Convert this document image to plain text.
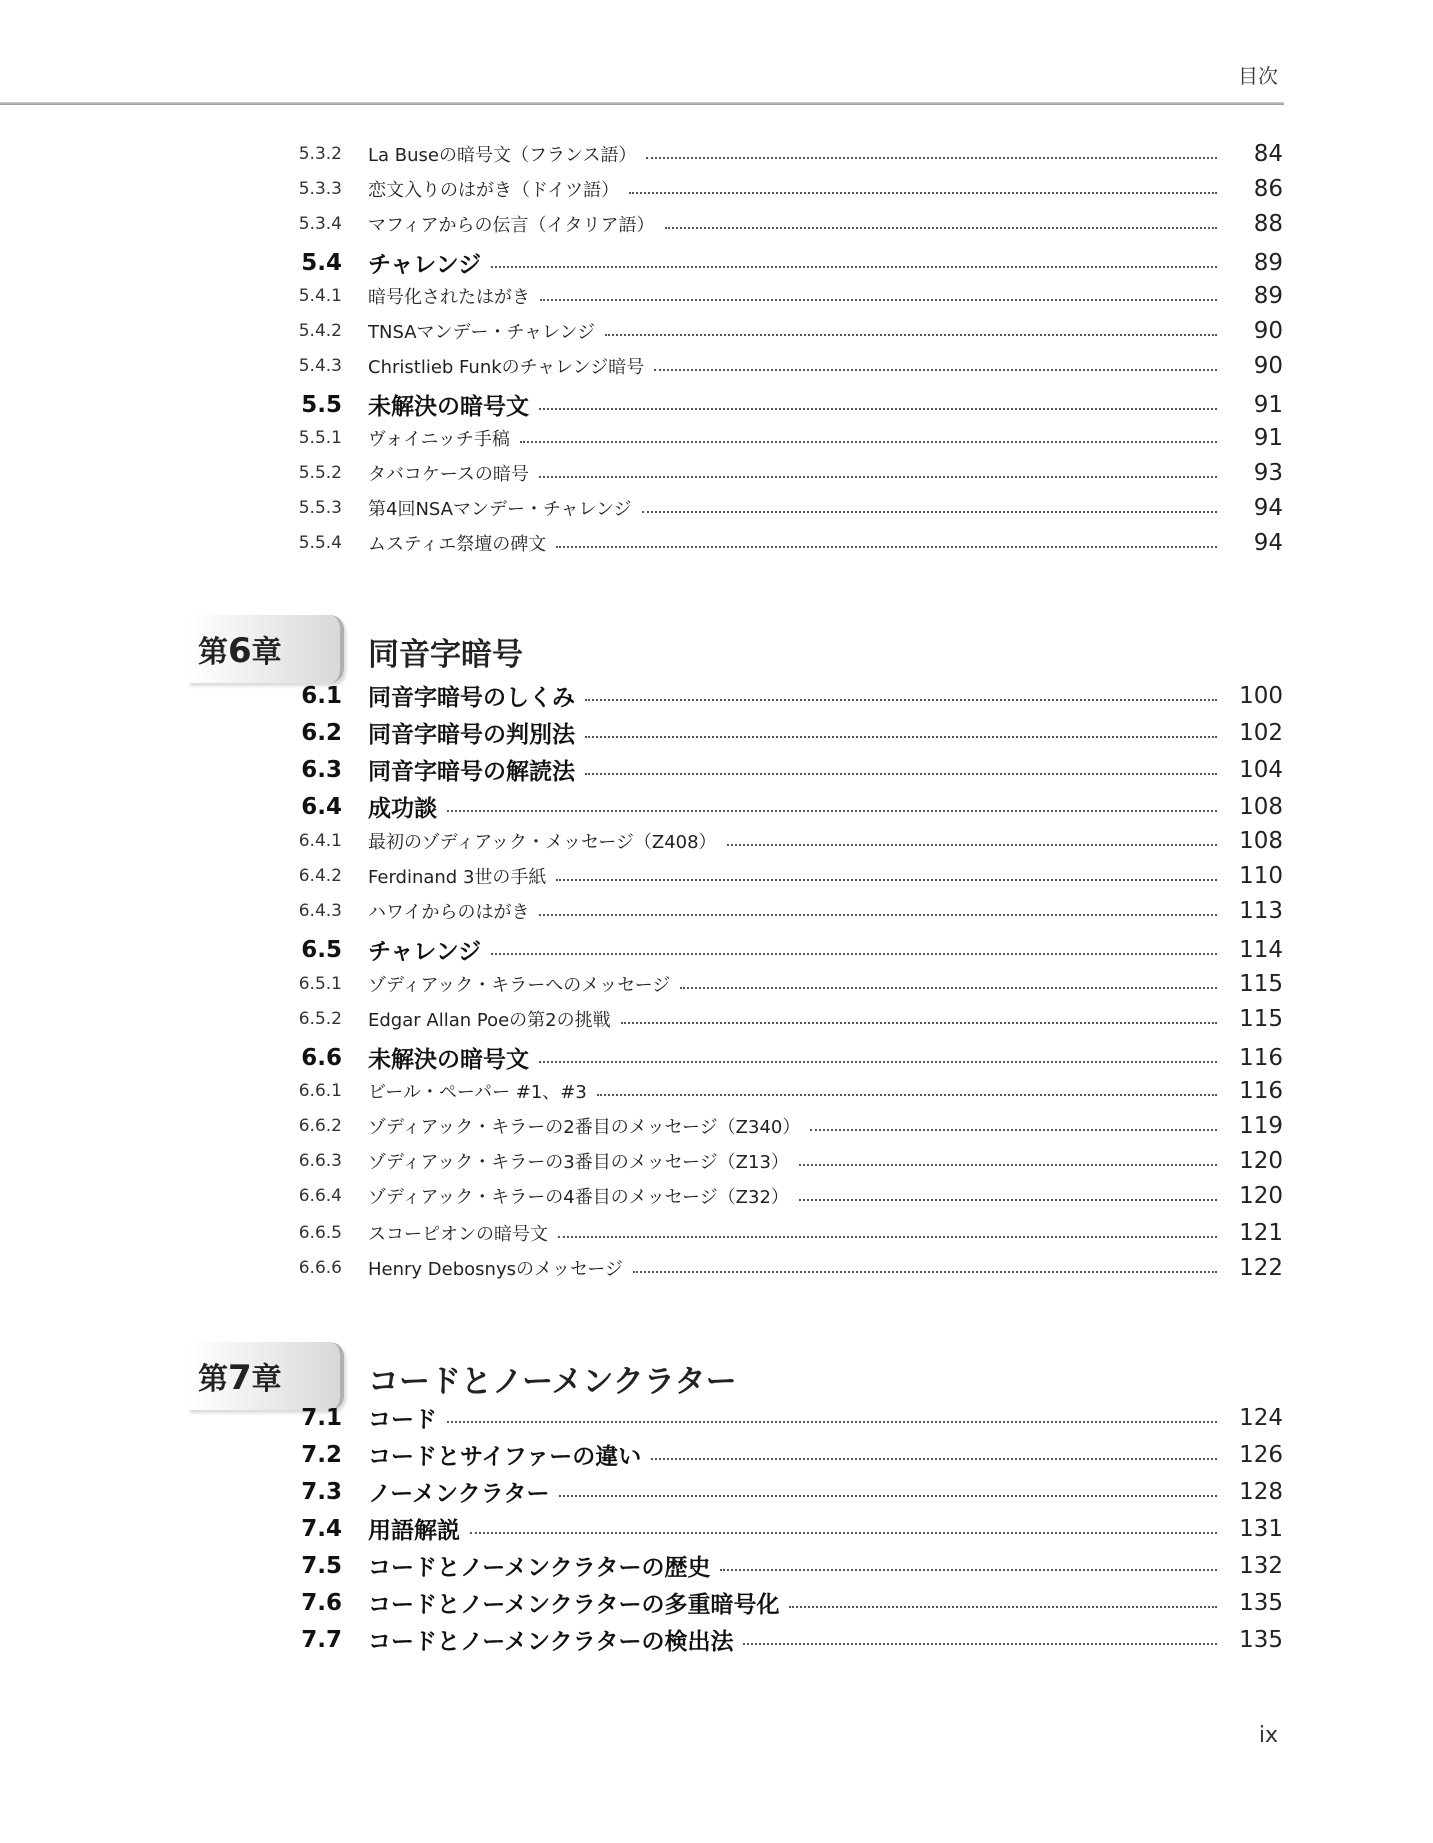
目次
第6章	同音字暗号
第7章	コードとノーメンクラター
5.3.2 La Buseの暗号文（フランス語）	84
5.3.3 恋文入りのはがき（ドイツ語）	86
5.3.4 マフィアからの伝言（イタリア語）	88
5.4 チャレンジ	89
5.4.1 暗号化されたはがき	89
5.4.2 TNSAマンデー・チャレンジ	90
5.4.3 Christlieb Funkのチャレンジ暗号	90
5.5 未解決の暗号文	91
5.5.1 ヴォイニッチ手稿	91
5.5.2 タバコケースの暗号	93
5.5.3 第4回NSAマンデー・チャレンジ	94
5.5.4 ムスティエ祭壇の碑文	94
6.1 同音字暗号のしくみ	100
6.2 同音字暗号の判別法	102
6.3 同音字暗号の解読法	104
6.4 成功談	108
6.4.1 最初のゾディアック・メッセージ（Z408）	108
6.4.2 Ferdinand 3世の手紙	110
6.4.3 ハワイからのはがき	113
6.5 チャレンジ	114
6.5.1 ゾディアック・キラーへのメッセージ	115
6.5.2 Edgar Allan Poeの第2の挑戦	115
6.6 未解決の暗号文	116
6.6.1 ビール・ペーパー #1、#3	116
6.6.2 ゾディアック・キラーの2番目のメッセージ（Z340）	119
6.6.3 ゾディアック・キラーの3番目のメッセージ（Z13）	120
6.6.4 ゾディアック・キラーの4番目のメッセージ（Z32）	120
6.6.5 スコーピオンの暗号文	121
6.6.6 Henry Debosnysのメッセージ	122
7.1 コード	124
7.2 コードとサイファーの違い	126
7.3 ノーメンクラター	128
7.4 用語解説	131
7.5 コードとノーメンクラターの歴史	132
7.6 コードとノーメンクラターの多重暗号化	135
7.7 コードとノーメンクラターの検出法	135
ix
